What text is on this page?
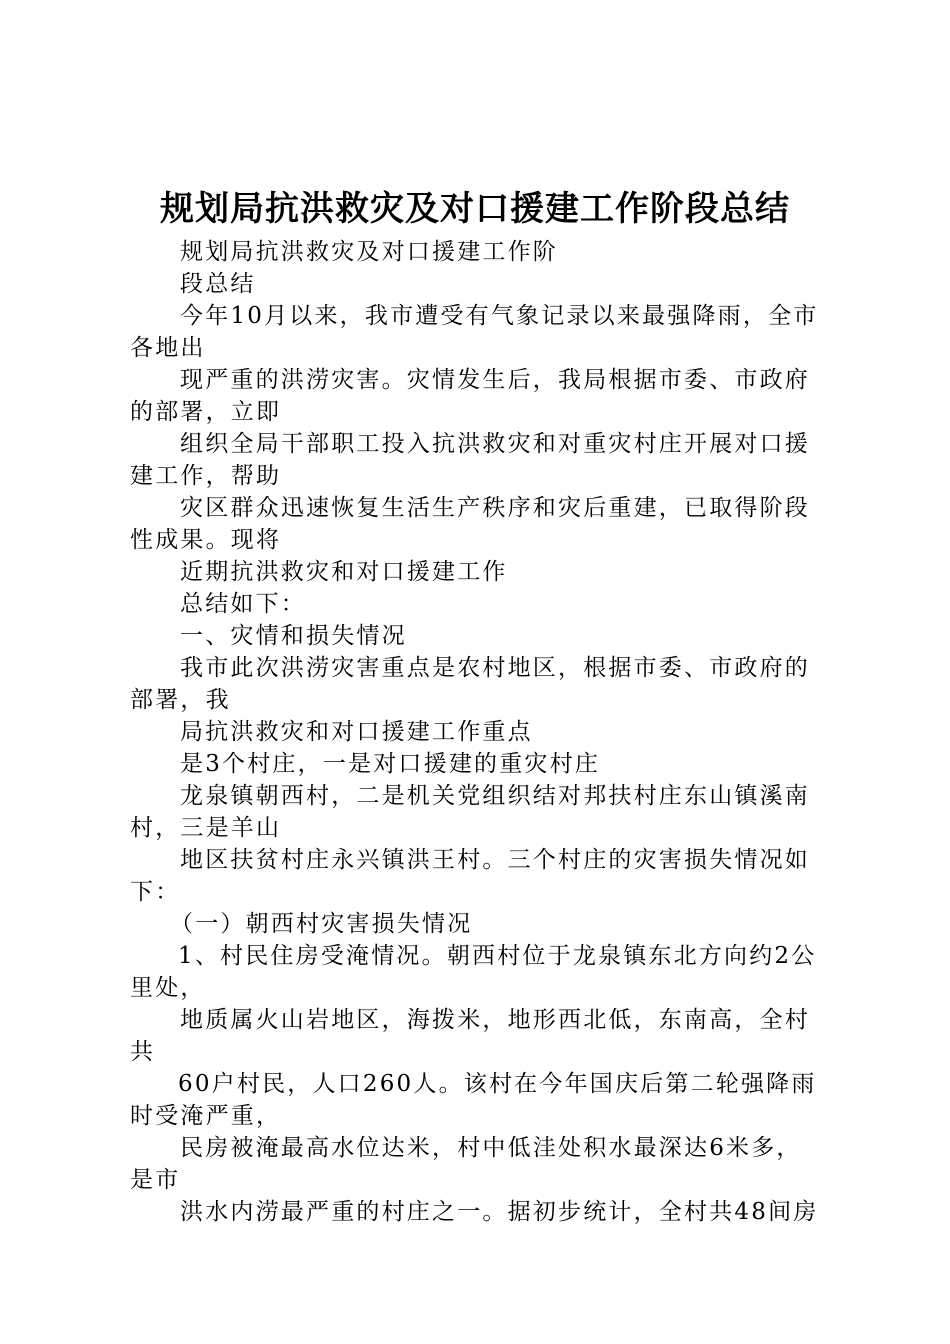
规划局抗洪救灾及对口援建工作阶段总结
规划局抗洪救灾及对口援建工作阶
段总结
今年10月以来，我市遭受有气象记录以来最强降雨，全市
各地出
现严重的洪涝灾害。灾情发生后，我局根据市委、市政府
的部署，立即
组织全局干部职工投入抗洪救灾和对重灾村庄开展对口援
建工作，帮助
灾区群众迅速恢复生活生产秩序和灾后重建，已取得阶段
性成果。现将
近期抗洪救灾和对口援建工作
总结如下：
一、灾情和损失情况
我市此次洪涝灾害重点是农村地区，根据市委、市政府的
部署，我
局抗洪救灾和对口援建工作重点
是3个村庄，一是对口援建的重灾村庄
龙泉镇朝西村，二是机关党组织结对邦扶村庄东山镇溪南
村，三是羊山
地区扶贫村庄永兴镇洪王村。三个村庄的灾害损失情况如
下：
（一）朝西村灾害损失情况
1、村民住房受淹情况。朝西村位于龙泉镇东北方向约2公
里处，
地质属火山岩地区，海拨米，地形西北低，东南高，全村
共
60户村民，人口260人。该村在今年国庆后第二轮强降雨
时受淹严重，
民房被淹最高水位达米，村中低洼处积水最深达6米多，
是市
洪水内涝最严重的村庄之一。据初步统计，全村共48间房
